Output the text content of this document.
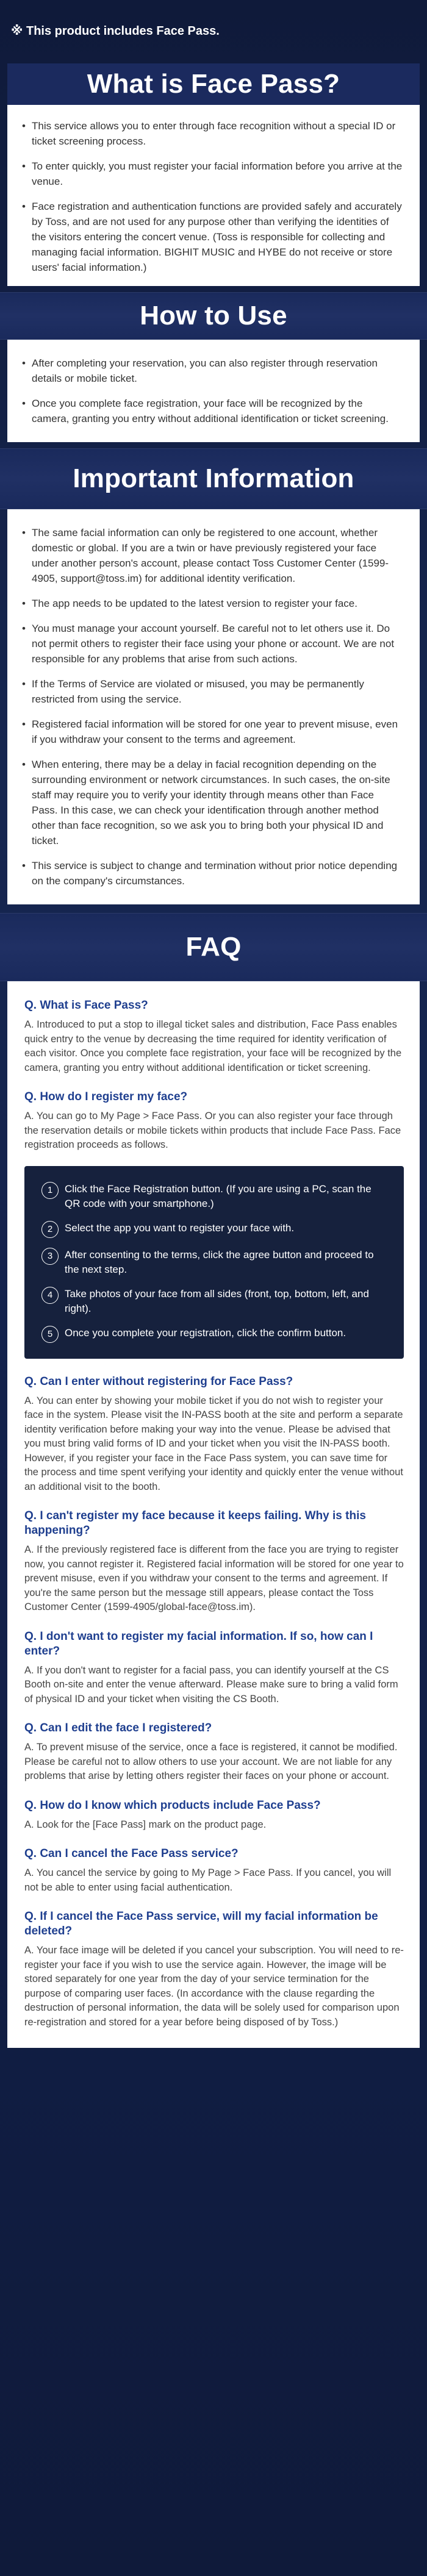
※ This product includes Face Pass.
What is Face Pass?
• This service allows you to enter through face recognition without a special ID or ticket screening process.
• To enter quickly, you must register your facial information before you arrive at the venue.
• Face registration and authentication functions are provided safely and accurately by Toss, and are not used for any purpose other than verifying the identities of the visitors entering the concert venue. (Toss is responsible for collecting and managing facial information. BIGHIT MUSIC and HYBE do not receive or store users' facial information.)
How to Use
• After completing your reservation, you can also register through reservation details or mobile ticket.
• Once you complete face registration, your face will be recognized by the camera, granting you entry without additional identification or ticket screening.
Important Information
• The same facial information can only be registered to one account, whether domestic or global. If you are a twin or have previously registered your face under another person's account, please contact Toss Customer Center (1599-4905, support@toss.im) for additional identity verification.
• The app needs to be updated to the latest version to register your face.
• You must manage your account yourself. Be careful not to let others use it. Do not permit others to register their face using your phone or account. We are not responsible for any problems that arise from such actions.
• If the Terms of Service are violated or misused, you may be permanently restricted from using the service.
• Registered facial information will be stored for one year to prevent misuse, even if you withdraw your consent to the terms and agreement.
• When entering, there may be a delay in facial recognition depending on the surrounding environment or network circumstances. In such cases, the on-site staff may require you to verify your identity through means other than Face Pass. In this case, we can check your identification through another method other than face recognition, so we ask you to bring both your physical ID and ticket.
• This service is subject to change and termination without prior notice depending on the company's circumstances.
FAQ
Q. What is Face Pass?
A. Introduced to put a stop to illegal ticket sales and distribution, Face Pass enables quick entry to the venue by decreasing the time required for identity verification of each visitor. Once you complete face registration, your face will be recognized by the camera, granting you entry without additional identification or ticket screening.
Q. How do I register my face?
A. You can go to My Page > Face Pass. Or you can also register your face through the reservation details or mobile tickets within products that include Face Pass. Face registration proceeds as follows.
1	Click the Face Registration button. (If you are using a PC, scan the QR code with your smartphone.)
2	Select the app you want to register your face with.
3	After consenting to the terms, click the agree button and proceed to the next step.
4	Take photos of your face from all sides (front, top, bottom, left, and right).
5	Once you complete your registration, click the confirm button.
Q. Can I enter without registering for Face Pass?
A. You can enter by showing your mobile ticket if you do not wish to register your face in the system. Please visit the IN-PASS booth at the site and perform a separate identity verification before making your way into the venue. Please be advised that you must bring valid forms of ID and your ticket when you visit the IN-PASS booth. However, if you register your face in the Face Pass system, you can save time for the process and time spent verifying your identity and quickly enter the venue without an additional visit to the booth.
Q. I can't register my face because it keeps failing. Why is this happening?
A. If the previously registered face is different from the face you are trying to register now, you cannot register it. Registered facial information will be stored for one year to prevent misuse, even if you withdraw your consent to the terms and agreement. If you're the same person but the message still appears, please contact the Toss Customer Center (1599-4905/global-face@toss.im).
Q. I don't want to register my facial information. If so, how can I enter?
A. If you don't want to register for a facial pass, you can identify yourself at the CS Booth on-site and enter the venue afterward. Please make sure to bring a valid form of physical ID and your ticket when visiting the CS Booth.
Q. Can I edit the face I registered?
A. To prevent misuse of the service, once a face is registered, it cannot be modified. Please be careful not to allow others to use your account. We are not liable for any problems that arise by letting others register their faces on your phone or account.
Q. How do I know which products include Face Pass?
A. Look for the [Face Pass] mark on the product page.
Q. Can I cancel the Face Pass service?
A. You cancel the service by going to My Page > Face Pass. If you cancel, you will not be able to enter using facial authentication.
Q. If I cancel the Face Pass service, will my facial information be deleted?
A. Your face image will be deleted if you cancel your subscription. You will need to re-register your face if you wish to use the service again. However, the image will be stored separately for one year from the day of your service termination for the purpose of comparing user faces. (In accordance with the clause regarding the destruction of personal information, the data will be solely used for comparison upon re-registration and stored for a year before being disposed of by Toss.)
